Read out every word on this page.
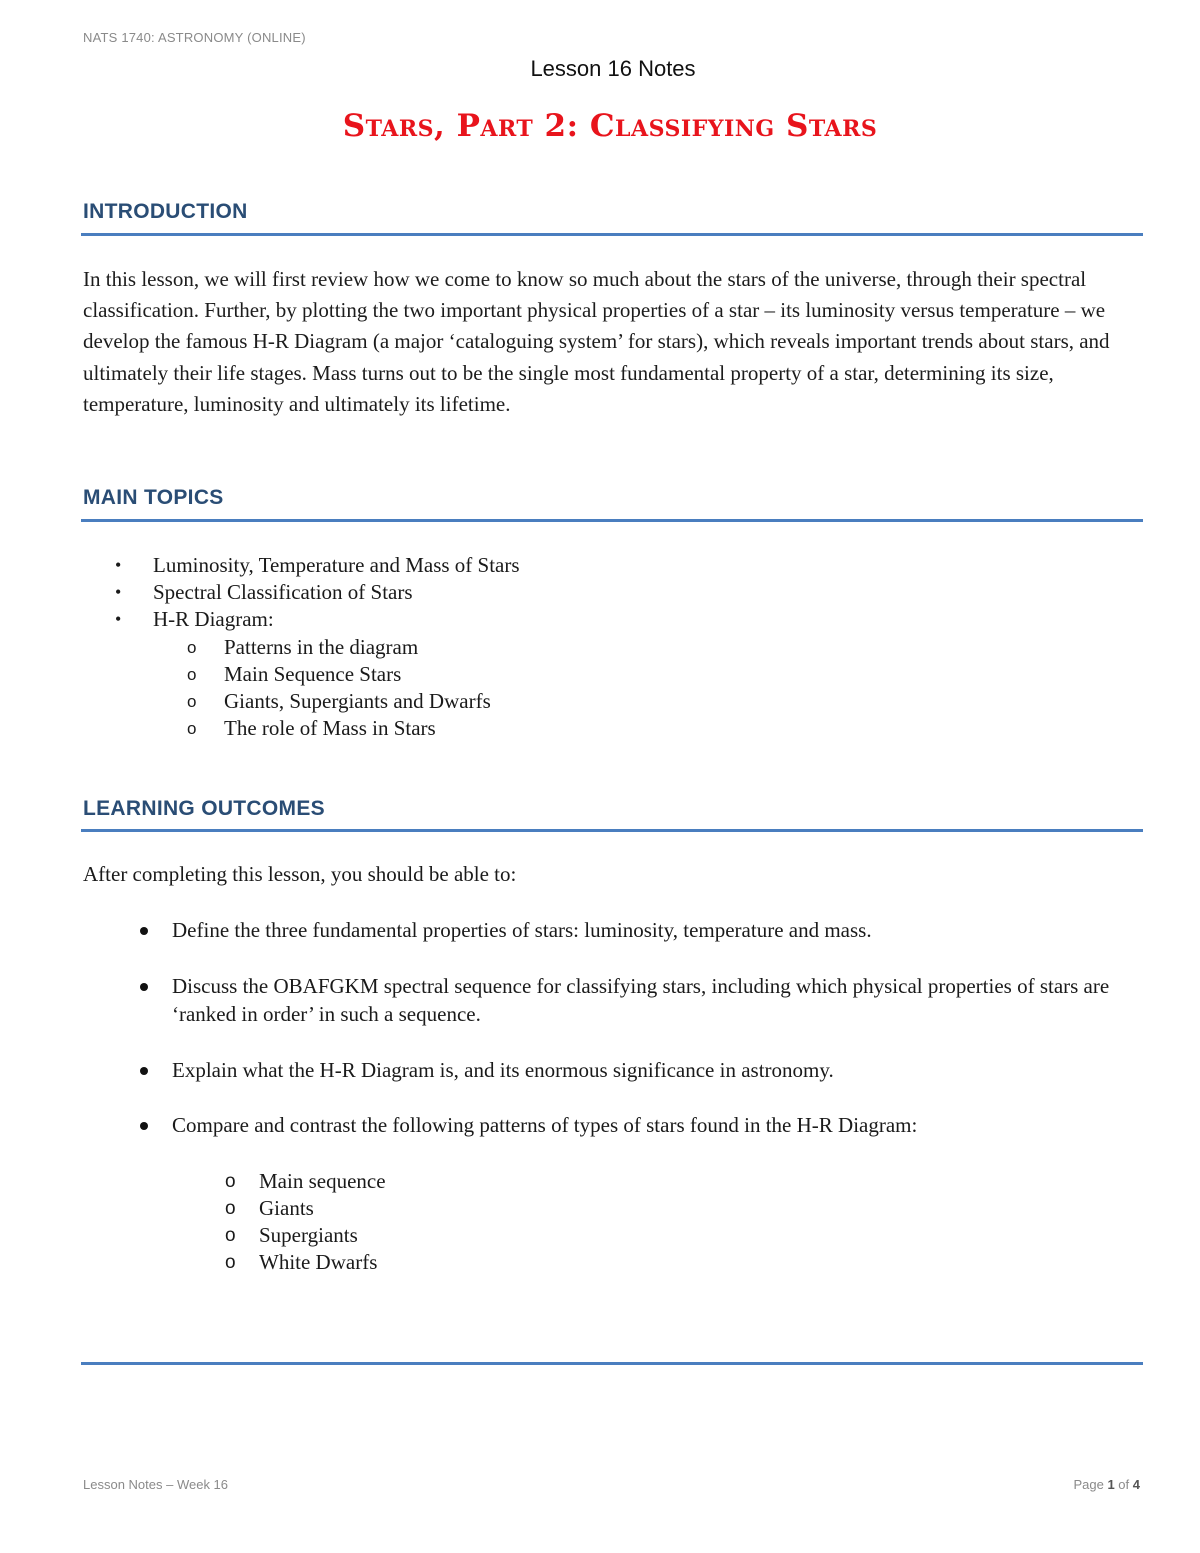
NATS 1740: ASTRONOMY (ONLINE)
Lesson 16 Notes
Stars, Part 2: Classifying Stars
INTRODUCTION
In this lesson, we will first review how we come to know so much about the stars of the universe, through their spectral classification. Further, by plotting the two important physical properties of a star – its luminosity versus temperature – we develop the famous H-R Diagram (a major ‘cataloguing system’ for stars), which reveals important trends about stars, and ultimately their life stages. Mass turns out to be the single most fundamental property of a star, determining its size, temperature, luminosity and ultimately its lifetime.
MAIN TOPICS
• Luminosity, Temperature and Mass of Stars
• Spectral Classification of Stars
• H-R Diagram:
o Patterns in the diagram
o Main Sequence Stars
o Giants, Supergiants and Dwarfs
o The role of Mass in Stars
LEARNING OUTCOMES
After completing this lesson, you should be able to:
Define the three fundamental properties of stars: luminosity, temperature and mass.
Discuss the OBAFGKM spectral sequence for classifying stars, including which physical properties of stars are ‘ranked in order’ in such a sequence.
Explain what the H-R Diagram is, and its enormous significance in astronomy.
Compare and contrast the following patterns of types of stars found in the H-R Diagram:
o Main sequence
o Giants
o Supergiants
o White Dwarfs
Lesson Notes – Week 16	Page 1 of 4
